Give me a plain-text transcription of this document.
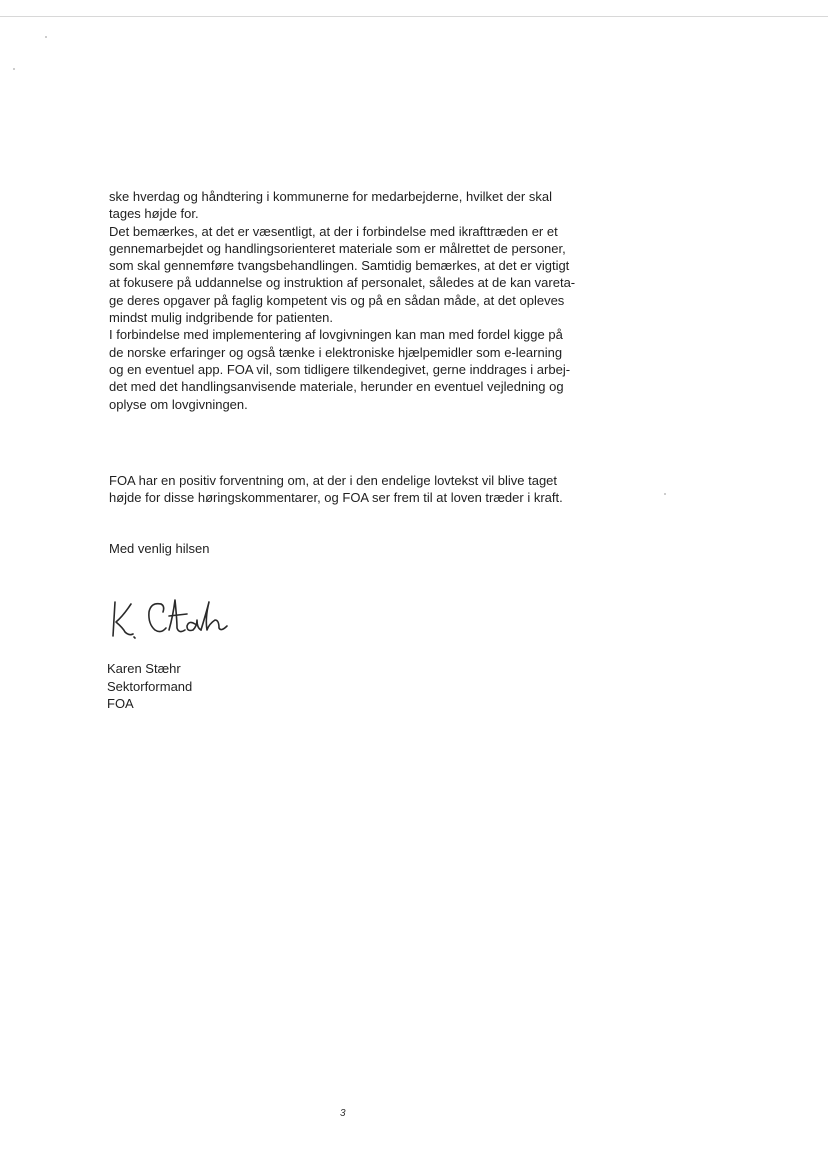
ske hverdag og håndtering i kommunerne for medarbejderne, hvilket der skal
tages højde for.

Det bemærkes, at det er væsentligt, at der i forbindelse med ikrafttræden er et
gennemarbejdet og handlingsorienteret materiale som er målrettet de personer,
som skal gennemføre tvangsbehandlingen. Samtidig bemærkes, at det er vigtigt
at fokusere på uddannelse og instruktion af personalet, således at de kan vareta-
ge deres opgaver på faglig kompetent vis og på en sådan måde, at det opleves
mindst mulig indgribende for patienten.

I forbindelse med implementering af lovgivningen kan man med fordel kigge på
de norske erfaringer og også tænke i elektroniske hjælpemidler som e-learning
og en eventuel app. FOA vil, som tidligere tilkendegivet, gerne inddrages i arbej-
det med det handlingsanvisende materiale, herunder en eventuel vejledning og
oplyse om lovgivningen.

FOA har en positiv forventning om, at der i den endelige lovtekst vil blive taget
højde for disse høringskommentarer, og FOA ser frem til at loven træder i kraft.
Med venlig hilsen
Karen Stæhr
Sektorformand
FOA
3
